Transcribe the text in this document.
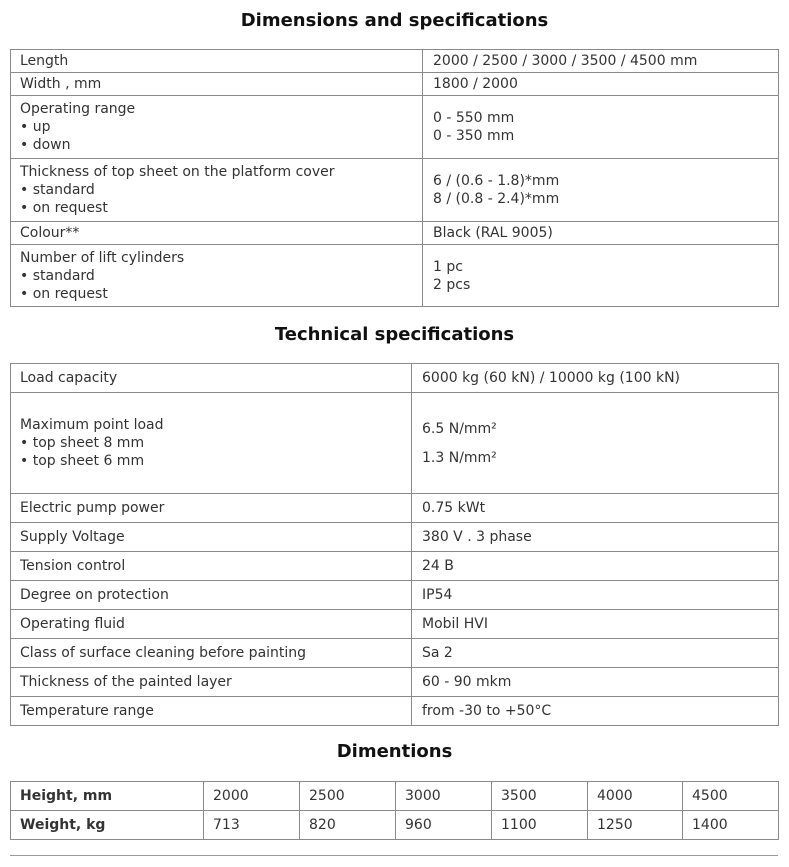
Dimensions and specifications
Length	2000 / 2500 / 3000 / 3500 / 4500 mm

Width , mm	1800 / 2000

Operating range
• up
• down	0 - 550 mm
0 - 350 mm

Thickness of top sheet on the platform cover
• standard
• on request	6 / (0.6 - 1.8)*mm
8 / (0.8 - 2.4)*mm

Colour**	Black (RAL 9005)

Number of lift cylinders
• standard
• on request	1 pc
2 pcs
Technical specifications
Load capacity	6000 kg (60 kN) / 10000 kg (100 kN)

Maximum point load
• top sheet 8 mm
• top sheet 6 mm	6.5 N/mm²
1.3 N/mm²

Electric pump power	0.75 kWt

Supply Voltage	380 V . 3 phase

Tension control	24 B

Degree on protection	IP54

Operating fluid	Mobil HVI

Class of surface cleaning before painting	Sa 2

Thickness of the painted layer	60 - 90 mkm

Temperature range	from -30 to +50°C
Dimentions
Height, mm	2000	2500	3000	3500	4000	4500
Weight, kg	713	820	960	1100	1250	1400
